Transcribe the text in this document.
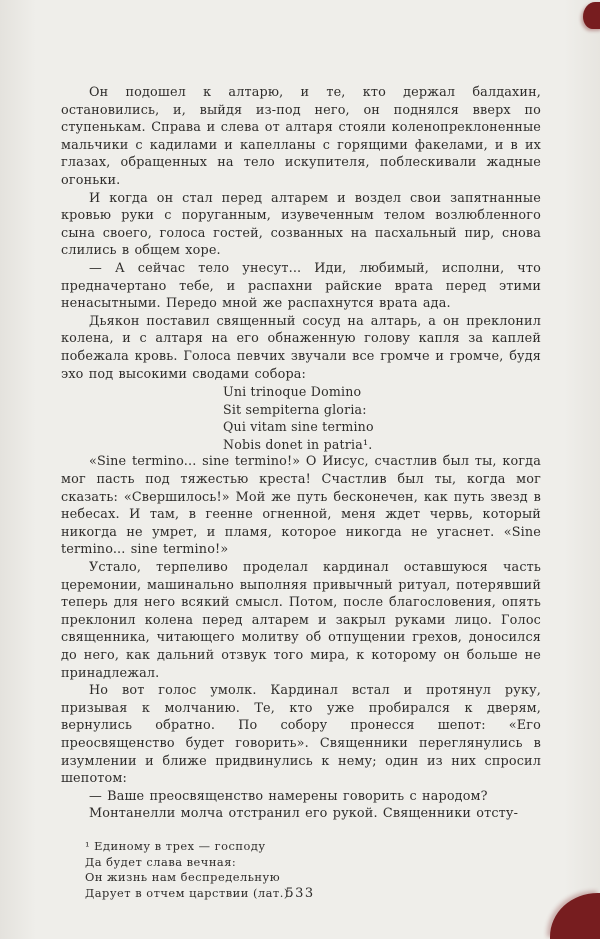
Он подошел к алтарю, и те, кто держал балдахин, остановились, и, выйдя из-под него, он поднялся вверх по ступенькам. Справа и слева от алтаря стояли коленопреклоненные мальчики с кадилами и капелланы с горящими факелами, и в их глазах, обращенных на тело искупителя, поблескивали жадные огоньки.

И когда он стал перед алтарем и воздел свои запятнанные кровью руки с поруганным, изувеченным телом возлюбленного сына своего, голоса гостей, созванных на пасхальный пир, снова слились в общем хоре.

— А сейчас тело унесут... Иди, любимый, исполни, что предначертано тебе, и распахни райские врата перед этими ненасытными. Передо мной же распахнутся врата ада.

Дьякон поставил священный сосуд на алтарь, а он преклонил колена, и с алтаря на его обнаженную голову капля за каплей побежала кровь. Голоса певчих звучали все громче и громче, будя эхо под высокими сводами собора:

Uni trinoque Domino
Sit sempiterna gloria:
Qui vitam sine termino
Nobis donet in patria¹.

«Sine termino... sine termino!» О Иисус, счастлив был ты, когда мог пасть под тяжестью креста! Счастлив был ты, когда мог сказать: «Свершилось!» Мой же путь бесконечен, как путь звезд в небесах. И там, в геенне огненной, меня ждет червь, который никогда не умрет, и пламя, которое никогда не угаснет. «Sine termino... sine termino!»

Устало, терпеливо проделал кардинал оставшуюся часть церемонии, машинально выполняя привычный ритуал, потерявший теперь для него всякий смысл. Потом, после благословения, опять преклонил колена перед алтарем и закрыл руками лицо. Голос священника, читающего молитву об отпущении грехов, доносился до него, как дальний отзвук того мира, к которому он больше не принадлежал.

Но вот голос умолк. Кардинал встал и протянул руку, призывая к молчанию. Те, кто уже пробирался к дверям, вернулись обратно. По собору пронесся шепот: «Его преосвященство будет говорить». Священники переглянулись в изумлении и ближе придвинулись к нему; один из них спросил шепотом:

— Ваше преосвященство намерены говорить с народом?

Монтанелли молча отстранил его рукой. Священники отсту-

¹ Единому в трех — господу
Да будет слава вечная:
Он жизнь нам беспредельную
Дарует в отчем царствии (лат.).
533
